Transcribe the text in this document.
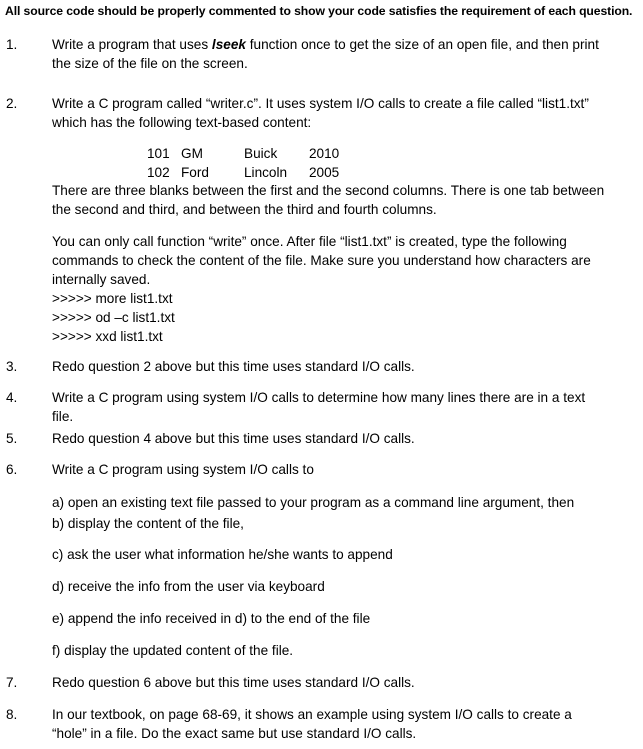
All source code should be properly commented to show your code satisfies the requirement of each question.
1.	Write a program that uses lseek function once to get the size of an open file, and then print
the size of the file on the screen.
2.	Write a C program called “writer.c”. It uses system I/O calls to create a file called “list1.txt”
which has the following text-based content:
101 GM	Buick 2010
102 Ford	Lincoln 2005
There are three blanks between the first and the second columns. There is one tab between
the second and third, and between the third and fourth columns.
You can only call function “write” once. After file “list1.txt” is created, type the following
commands to check the content of the file. Make sure you understand how characters are
internally saved.
>>>>> more list1.txt
>>>>> od –c list1.txt
>>>>> xxd list1.txt
3.	Redo question 2 above but this time uses standard I/O calls.
4.	Write a C program using system I/O calls to determine how many lines there are in a text
file.
5.	Redo question 4 above but this time uses standard I/O calls.
6.	Write a C program using system I/O calls to
a) open an existing text file passed to your program as a command line argument, then
b) display the content of the file,
c) ask the user what information he/she wants to append
d) receive the info from the user via keyboard
e) append the info received in d) to the end of the file
f) display the updated content of the file.
7.	Redo question 6 above but this time uses standard I/O calls.
8.	In our textbook, on page 68-69, it shows an example using system I/O calls to create a
“hole” in a file. Do the exact same but use standard I/O calls.
